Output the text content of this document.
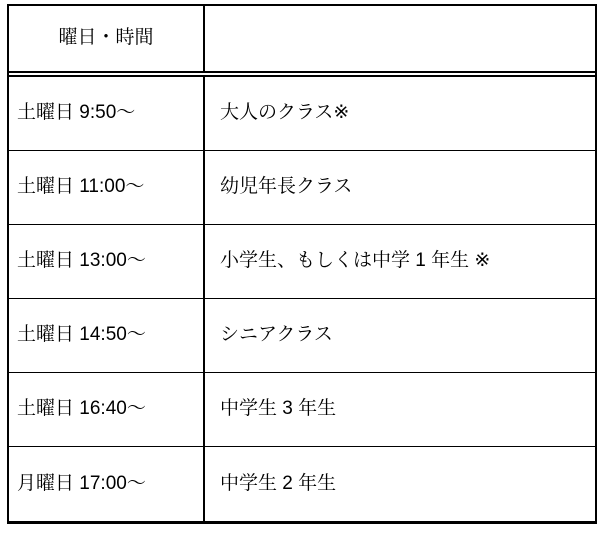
曜日・時間
土曜日 9:50～	大人のクラス※
土曜日 11:00～	幼児年長クラス
土曜日 13:00～	小学生、もしくは中学 1 年生 ※
土曜日 14:50～	シニアクラス
土曜日 16:40～	中学生 3 年生
月曜日 17:00～	中学生 2 年生
